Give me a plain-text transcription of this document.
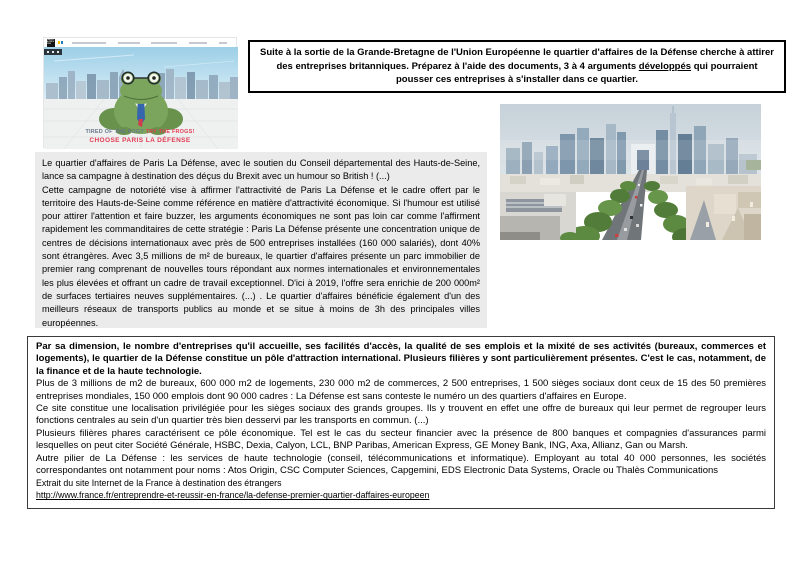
PARIS LA DÉFENSE
TIRED OF THE FOG? TRY THE FROGS!
CHOOSE PARIS LA DÉFENSE
Suite à la sortie de la Grande-Bretagne de l'Union Européenne le quartier d'affaires de la Défense cherche à attirer des entreprises britanniques. Préparez à l'aide des documents, 3 à 4 arguments développés qui pourraient pousser ces entreprises à s'installer dans ce quartier.

Le quartier d'affaires de Paris La Défense, avec le soutien du Conseil départemental des Hauts-de-Seine, lance sa campagne à destination des déçus du Brexit avec un humour so British ! (...)

Cette campagne de notoriété vise à affirmer l'attractivité de Paris La Défense et le cadre offert par le territoire des Hauts-de-Seine comme référence en matière d'attractivité économique. Si l'humour est utilisé pour attirer l'attention et faire buzzer, les arguments économiques ne sont pas loin car comme l'affirment rapidement les commanditaires de cette stratégie : Paris La Défense présente une concentration unique de centres de décisions internationaux avec près de 500 entreprises installées (160 000 salariés), dont 40% sont étrangères. Avec 3,5 millions de m² de bureaux, le quartier d'affaires présente un parc immobilier de premier rang comprenant de nouvelles tours répondant aux normes internationales et environnementales les plus élevées et offrant un cadre de travail exceptionnel. D'ici à 2019, l'offre sera enrichie de 200 000m² de surfaces tertiaires neuves supplémentaires. (...) . Le quartier d'affaires bénéficie également d'un des meilleurs réseaux de transports publics au monde et se situe à moins de 3h des principales villes européennes.

Par sa dimension, le nombre d'entreprises qu'il accueille, ses facilités d'accès, la qualité de ses emplois et la mixité de ses activités (bureaux, commerces et logements), le quartier de la Défense constitue un pôle d'attraction international. Plusieurs filières y sont particulièrement présentes. C'est le cas, notamment, de la finance et de la haute technologie.

Plus de 3 millions de m2 de bureaux, 600 000 m2 de logements, 230 000 m2 de commerces, 2 500 entreprises, 1 500 sièges sociaux dont ceux de 15 des 50 premières entreprises mondiales, 150 000 emplois dont 90 000 cadres : La Défense est sans conteste le numéro un des quartiers d'affaires en Europe.

Ce site constitue une localisation privilégiée pour les sièges sociaux des grands groupes. Ils y trouvent en effet une offre de bureaux qui leur permet de regrouper leurs fonctions centrales au sein d'un quartier très bien desservi par les transports en commun. (...)

Plusieurs filières phares caractérisent ce pôle économique. Tel est le cas du secteur financier avec la présence de 800 banques et compagnies d'assurances parmi lesquelles on peut citer Société Générale, HSBC, Dexia, Calyon, LCL, BNP Paribas, American Express, GE Money Bank, ING, Axa, Allianz, Gan ou Marsh.

Autre pilier de La Défense : les services de haute technologie (conseil, télécommunications et informatique). Employant au total 40 000 personnes, les sociétés correspondantes ont notamment pour noms : Atos Origin, CSC Computer Sciences, Capgemini, EDS Electronic Data Systems, Oracle ou Thalès Communications

Extrait du site Internet de la France à destination des étrangers

http://www.france.fr/entreprendre-et-reussir-en-france/la-defense-premier-quartier-daffaires-europeen
